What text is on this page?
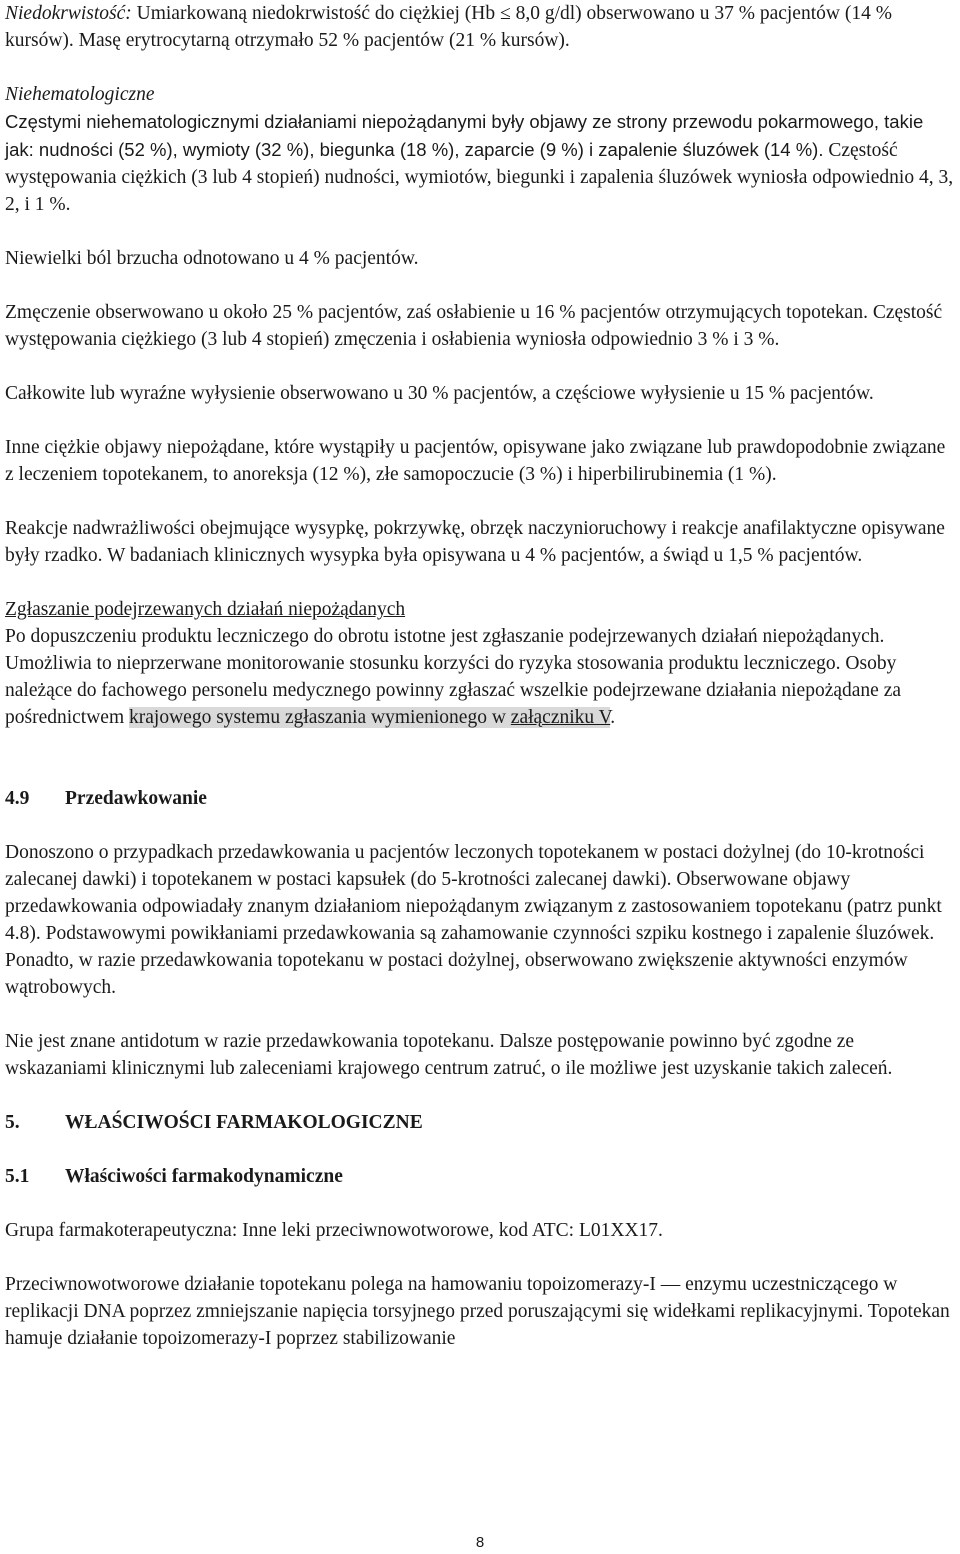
Niedokrwistość: Umiarkowaną niedokrwistość do ciężkiej (Hb ≤ 8,0 g/dl) obserwowano u 37 % pacjentów (14 % kursów). Masę erytrocytarną otrzymało 52 % pacjentów (21 % kursów).

Niehematologiczne

Częstymi niehematologicznymi działaniami niepożądanymi były objawy ze strony przewodu pokarmowego, takie jak: nudności (52 %), wymioty (32 %), biegunka (18 %), zaparcie (9 %) i zapalenie śluzówek (14 %). Częstość występowania ciężkich (3 lub 4 stopień) nudności, wymiotów, biegunki i zapalenia śluzówek wyniosła odpowiednio 4, 3, 2, i 1 %.

Niewielki ból brzucha odnotowano u 4 % pacjentów.

Zmęczenie obserwowano u około 25 % pacjentów, zaś osłabienie u 16 % pacjentów otrzymujących topotekan. Częstość występowania ciężkiego (3 lub 4 stopień) zmęczenia i osłabienia wyniosła odpowiednio 3 % i 3 %.

Całkowite lub wyraźne wyłysienie obserwowano u 30 % pacjentów, a częściowe wyłysienie u 15 % pacjentów.

Inne ciężkie objawy niepożądane, które wystąpiły u pacjentów, opisywane jako związane lub prawdopodobnie związane z leczeniem topotekanem, to anoreksja (12 %), złe samopoczucie (3 %) i hiperbilirubinemia (1 %).

Reakcje nadwrażliwości obejmujące wysypkę, pokrzywkę, obrzęk naczynioruchowy i reakcje anafilaktyczne opisywane były rzadko. W badaniach klinicznych wysypka była opisywana u 4 % pacjentów, a świąd u 1,5 % pacjentów.

Zgłaszanie podejrzewanych działań niepożądanych

Po dopuszczeniu produktu leczniczego do obrotu istotne jest zgłaszanie podejrzewanych działań niepożądanych. Umożliwia to nieprzerwane monitorowanie stosunku korzyści do ryzyka stosowania produktu leczniczego. Osoby należące do fachowego personelu medycznego powinny zgłaszać wszelkie podejrzewane działania niepożądane za pośrednictwem krajowego systemu zgłaszania wymienionego w załączniku V.

4.9 Przedawkowanie

Donoszono o przypadkach przedawkowania u pacjentów leczonych topotekanem w postaci dożylnej (do 10-krotności zalecanej dawki) i topotekanem w postaci kapsułek (do 5-krotności zalecanej dawki). Obserwowane objawy przedawkowania odpowiadały znanym działaniom niepożądanym związanym z zastosowaniem topotekanu (patrz punkt 4.8). Podstawowymi powikłaniami przedawkowania są zahamowanie czynności szpiku kostnego i zapalenie śluzówek. Ponadto, w razie przedawkowania topotekanu w postaci dożylnej, obserwowano zwiększenie aktywności enzymów wątrobowych.

Nie jest znane antidotum w razie przedawkowania topotekanu. Dalsze postępowanie powinno być zgodne ze wskazaniami klinicznymi lub zaleceniami krajowego centrum zatruć, o ile możliwe jest uzyskanie takich zaleceń.

5. WŁAŚCIWOŚCI FARMAKOLOGICZNE
5.1 Właściwości farmakodynamiczne

Grupa farmakoterapeutyczna: Inne leki przeciwnowotworowe, kod ATC: L01XX17.

Przeciwnowotworowe działanie topotekanu polega na hamowaniu topoizomerazy-I — enzymu uczestniczącego w replikacji DNA poprzez zmniejszanie napięcia torsyjnego przed poruszającymi się widełkami replikacyjnymi. Topotekan hamuje działanie topoizomerazy-I poprzez stabilizowanie

8
